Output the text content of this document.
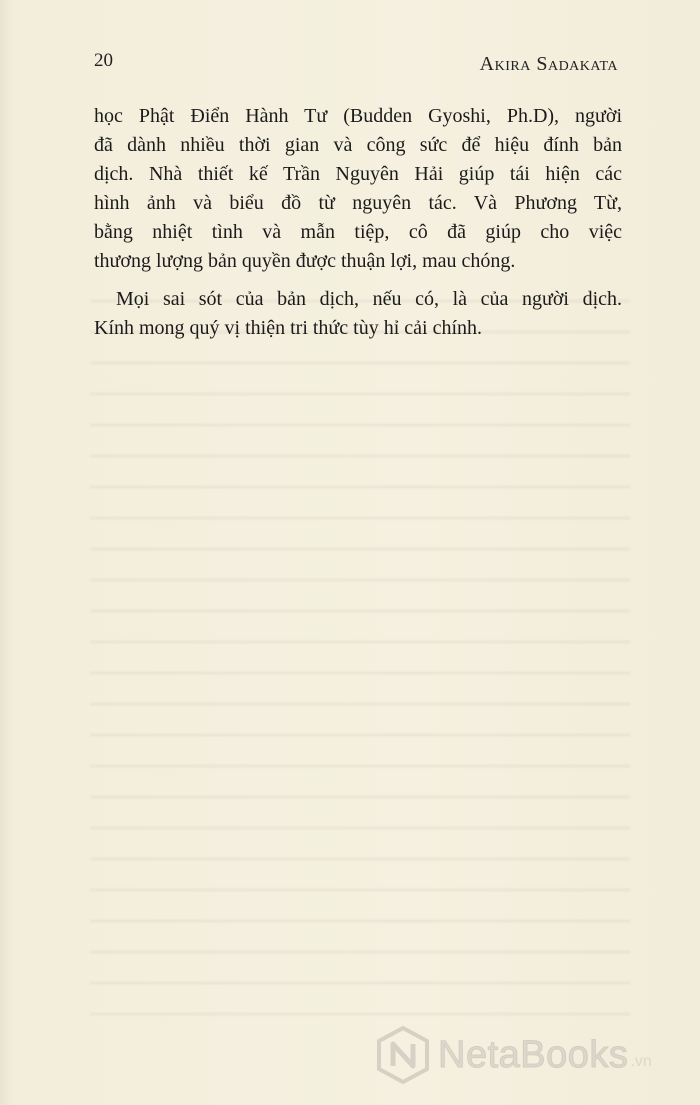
20	Akira Sadakata

học Phật Điển Hành Tư (Budden Gyoshi, Ph.D), người
đã dành nhiều thời gian và công sức để hiệu đính bản
dịch. Nhà thiết kế Trần Nguyên Hải giúp tái hiện các
hình ảnh và biểu đồ từ nguyên tác. Và Phương Từ,
bằng nhiệt tình và mẫn tiệp, cô đã giúp cho việc
thương lượng bản quyền được thuận lợi, mau chóng.

Mọi sai sót của bản dịch, nếu có, là của người dịch.
Kính mong quý vị thiện tri thức tùy hỉ cải chính.

NetaBooks .vn
